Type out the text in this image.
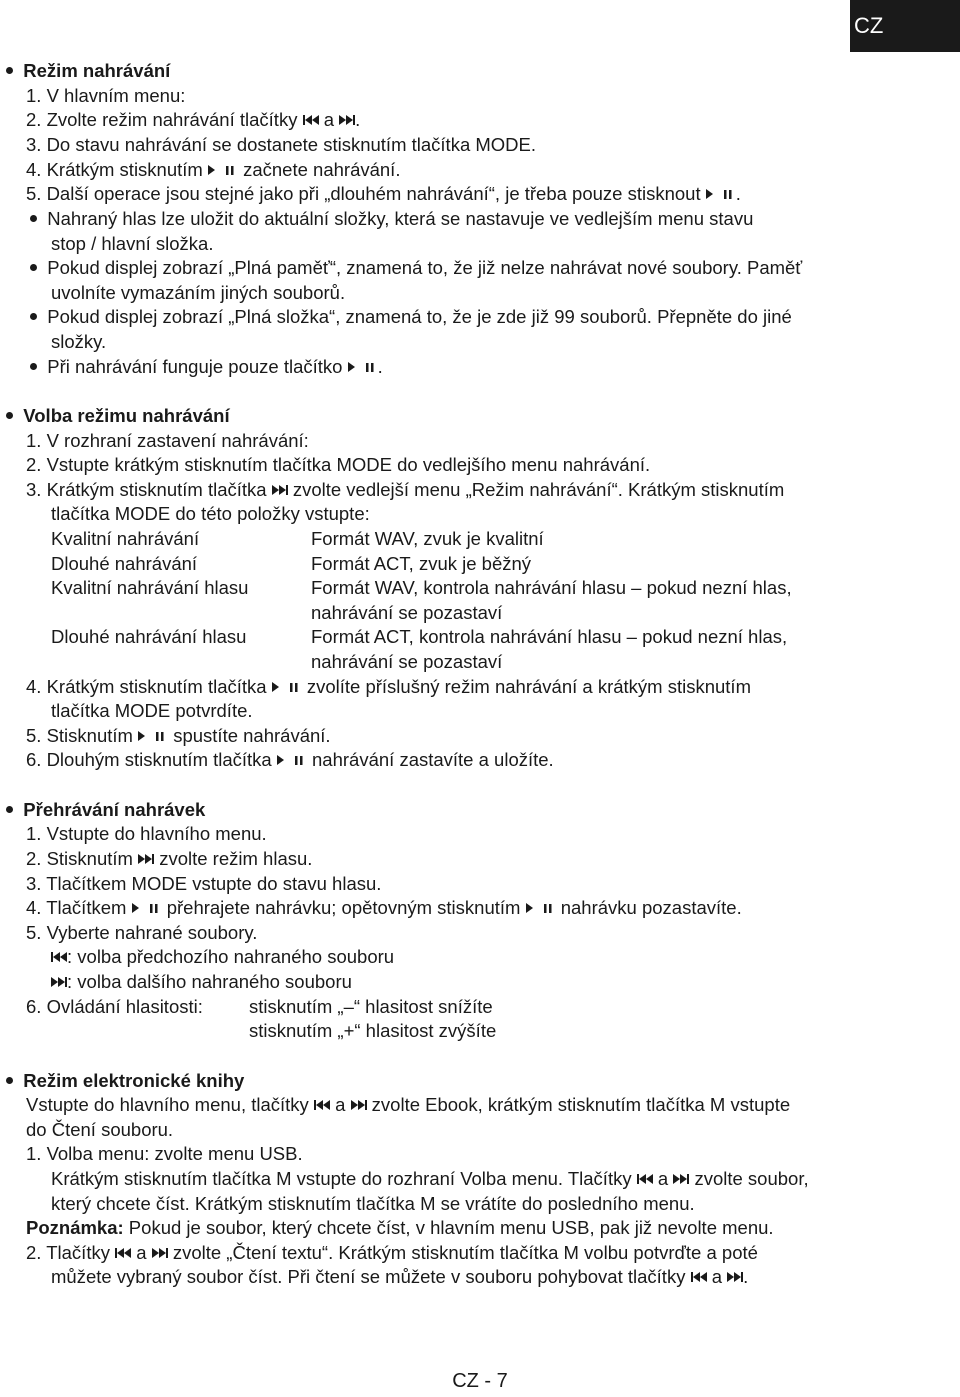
CZ
Režim nahrávání
1. V hlavním menu:
2. Zvolte režim nahrávání tlačítky  a .
3. Do stavu nahrávání se dostanete stisknutím tlačítka MODE.
4. Krátkým stisknutím  začnete nahrávání.
5. Další operace jsou stejné jako při „dlouhém nahrávání“, je třeba pouze stisknout .
Nahraný hlas lze uložit do aktuální složky, která se nastavuje ve vedlejším menu stavu
stop / hlavní složka.
Pokud displej zobrazí „Plná paměť“, znamená to, že již nelze nahrávat nové soubory. Paměť
uvolníte vymazáním jiných souborů.
Pokud displej zobrazí „Plná složka“, znamená to, že je zde již 99 souborů. Přepněte do jiné
složky.
Při nahrávání funguje pouze tlačítko .
Volba režimu nahrávání
1. V rozhraní zastavení nahrávání:
2. Vstupte krátkým stisknutím tlačítka MODE do vedlejšího menu nahrávání.
3. Krátkým stisknutím tlačítka  zvolte vedlejší menu „Režim nahrávání“. Krátkým stisknutím
tlačítka MODE do této položky vstupte:
Kvalitní nahrávání	Formát WAV, zvuk je kvalitní
Dlouhé nahrávání	Formát ACT, zvuk je běžný
Kvalitní nahrávání hlasu	Formát WAV, kontrola nahrávání hlasu – pokud nezní hlas,
nahrávání se pozastaví
Dlouhé nahrávání hlasu	Formát ACT, kontrola nahrávání hlasu – pokud nezní hlas,
nahrávání se pozastaví
4. Krátkým stisknutím tlačítka  zvolíte příslušný režim nahrávání a krátkým stisknutím
tlačítka MODE potvrdíte.
5. Stisknutím  spustíte nahrávání.
6. Dlouhým stisknutím tlačítka  nahrávání zastavíte a uložíte.
Přehrávání nahrávek
1. Vstupte do hlavního menu.
2. Stisknutím  zvolte režim hlasu.
3. Tlačítkem MODE vstupte do stavu hlasu.
4. Tlačítkem  přehrajete nahrávku; opětovným stisknutím  nahrávku pozastavíte.
5. Vyberte nahrané soubory.
: volba předchozího nahraného souboru
: volba dalšího nahraného souboru
6. Ovládání hlasitosti: stisknutím „–“ hlasitost snížíte
stisknutím „+“ hlasitost zvýšíte
Režim elektronické knihy
Vstupte do hlavního menu, tlačítky  a  zvolte Ebook, krátkým stisknutím tlačítka M vstupte
do Čtení souboru.
1. Volba menu: zvolte menu USB.
Krátkým stisknutím tlačítka M vstupte do rozhraní Volba menu. Tlačítky  a  zvolte soubor,
který chcete číst. Krátkým stisknutím tlačítka M se vrátíte do posledního menu.
Poznámka: Pokud je soubor, který chcete číst, v hlavním menu USB, pak již nevolte menu.
2. Tlačítky  a  zvolte „Čtení textu“. Krátkým stisknutím tlačítka M volbu potvrďte a poté
můžete vybraný soubor číst. Při čtení se můžete v souboru pohybovat tlačítky  a .
CZ - 7
